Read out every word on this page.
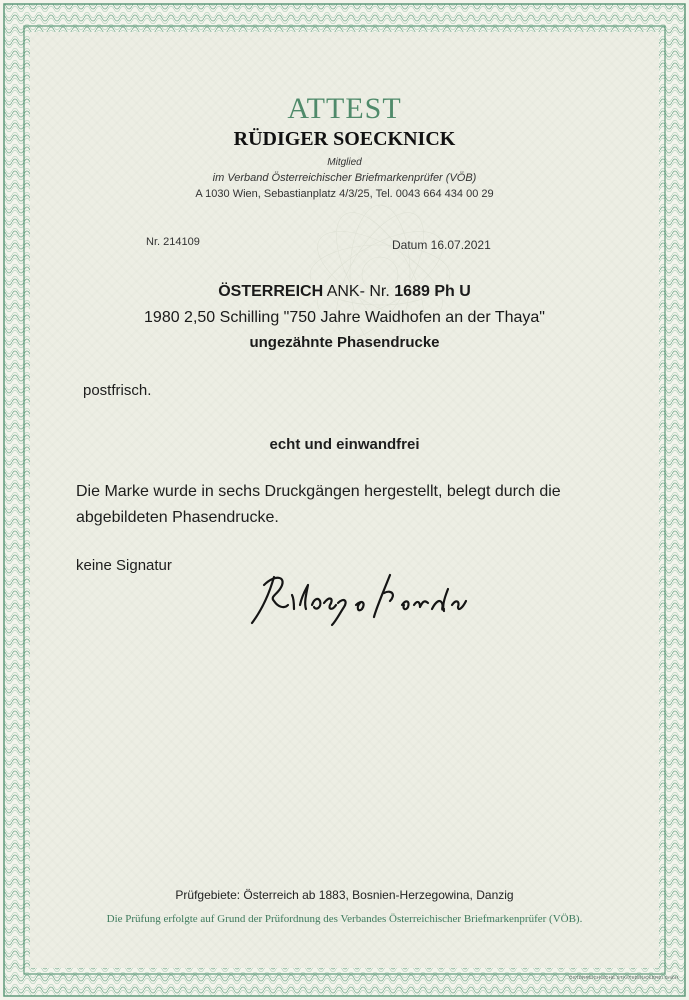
ATTEST
RÜDIGER SOECKNICK
Mitglied
im Verband Österreichischer Briefmarkenprüfer (VÖB)
A 1030 Wien, Sebastianplatz 4/3/25, Tel. 0043 664 434 00 29
Nr. 214109	Datum 16.07.2021
ÖSTERREICH ANK- Nr. 1689 Ph U
1980 2,50 Schilling "750 Jahre Waidhofen an der Thaya"
ungezähnte Phasendrucke
postfrisch.
echt und einwandfrei
Die Marke wurde in sechs Druckgängen hergestellt, belegt durch die
abgebildeten Phasendrucke.
keine Signatur
Prüfgebiete: Österreich ab 1883, Bosnien-Herzegowina, Danzig
Die Prüfung erfolgte auf Grund der Prüfordnung des Verbandes Österreichischer Briefmarkenprüfer (VÖB).
ÖSTERREICHISCHE STAATSDRUCKEREI GmbH
